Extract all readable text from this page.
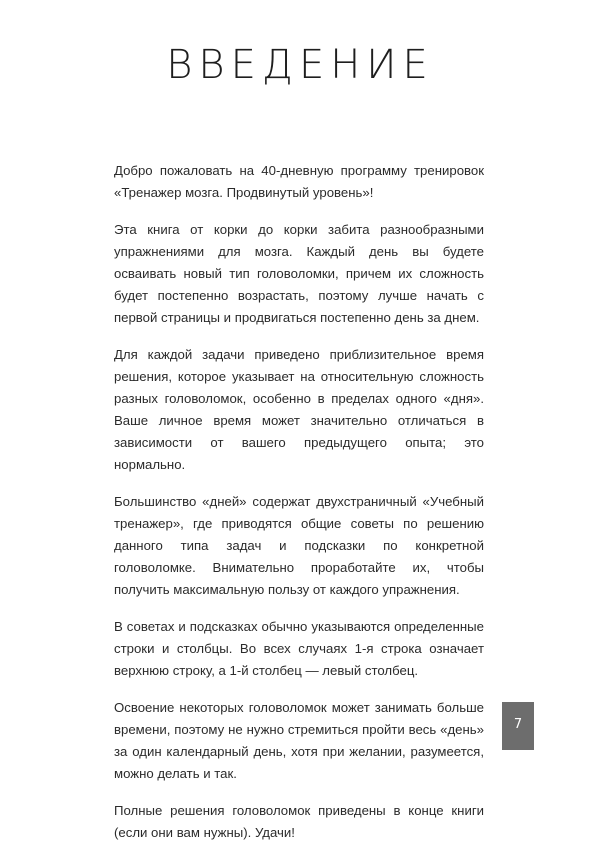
ВВЕДЕНИЕ

Добро пожаловать на 40-дневную программу тренировок «Тренажер мозга. Продвинутый уровень»!

Эта книга от корки до корки забита разнообразными упражнениями для мозга. Каждый день вы будете осваивать новый тип головоломки, причем их сложность будет постепенно возрастать, поэтому лучше начать с первой страницы и продвигаться постепенно день за днем.

Для каждой задачи приведено приблизительное время решения, которое указывает на относительную сложность разных головоломок, особенно в пределах одного «дня». Ваше личное время может значительно отличаться в зависимости от вашего предыдущего опыта; это нормально.

Большинство «дней» содержат двухстраничный «Учебный тренажер», где приводятся общие советы по решению данного типа задач и подсказки по конкретной головоломке. Внимательно проработайте их, чтобы получить максимальную пользу от каждого упражнения.

В советах и подсказках обычно указываются определенные строки и столбцы. Во всех случаях 1-я строка означает верхнюю строку, а 1-й столбец — левый столбец.

Освоение некоторых головоломок может занимать больше времени, поэтому не нужно стремиться пройти весь «день» за один календарный день, хотя при желании, разумеется, можно делать и так.

Полные решения головоломок приведены в конце книги (если они вам нужны). Удачи!

7
